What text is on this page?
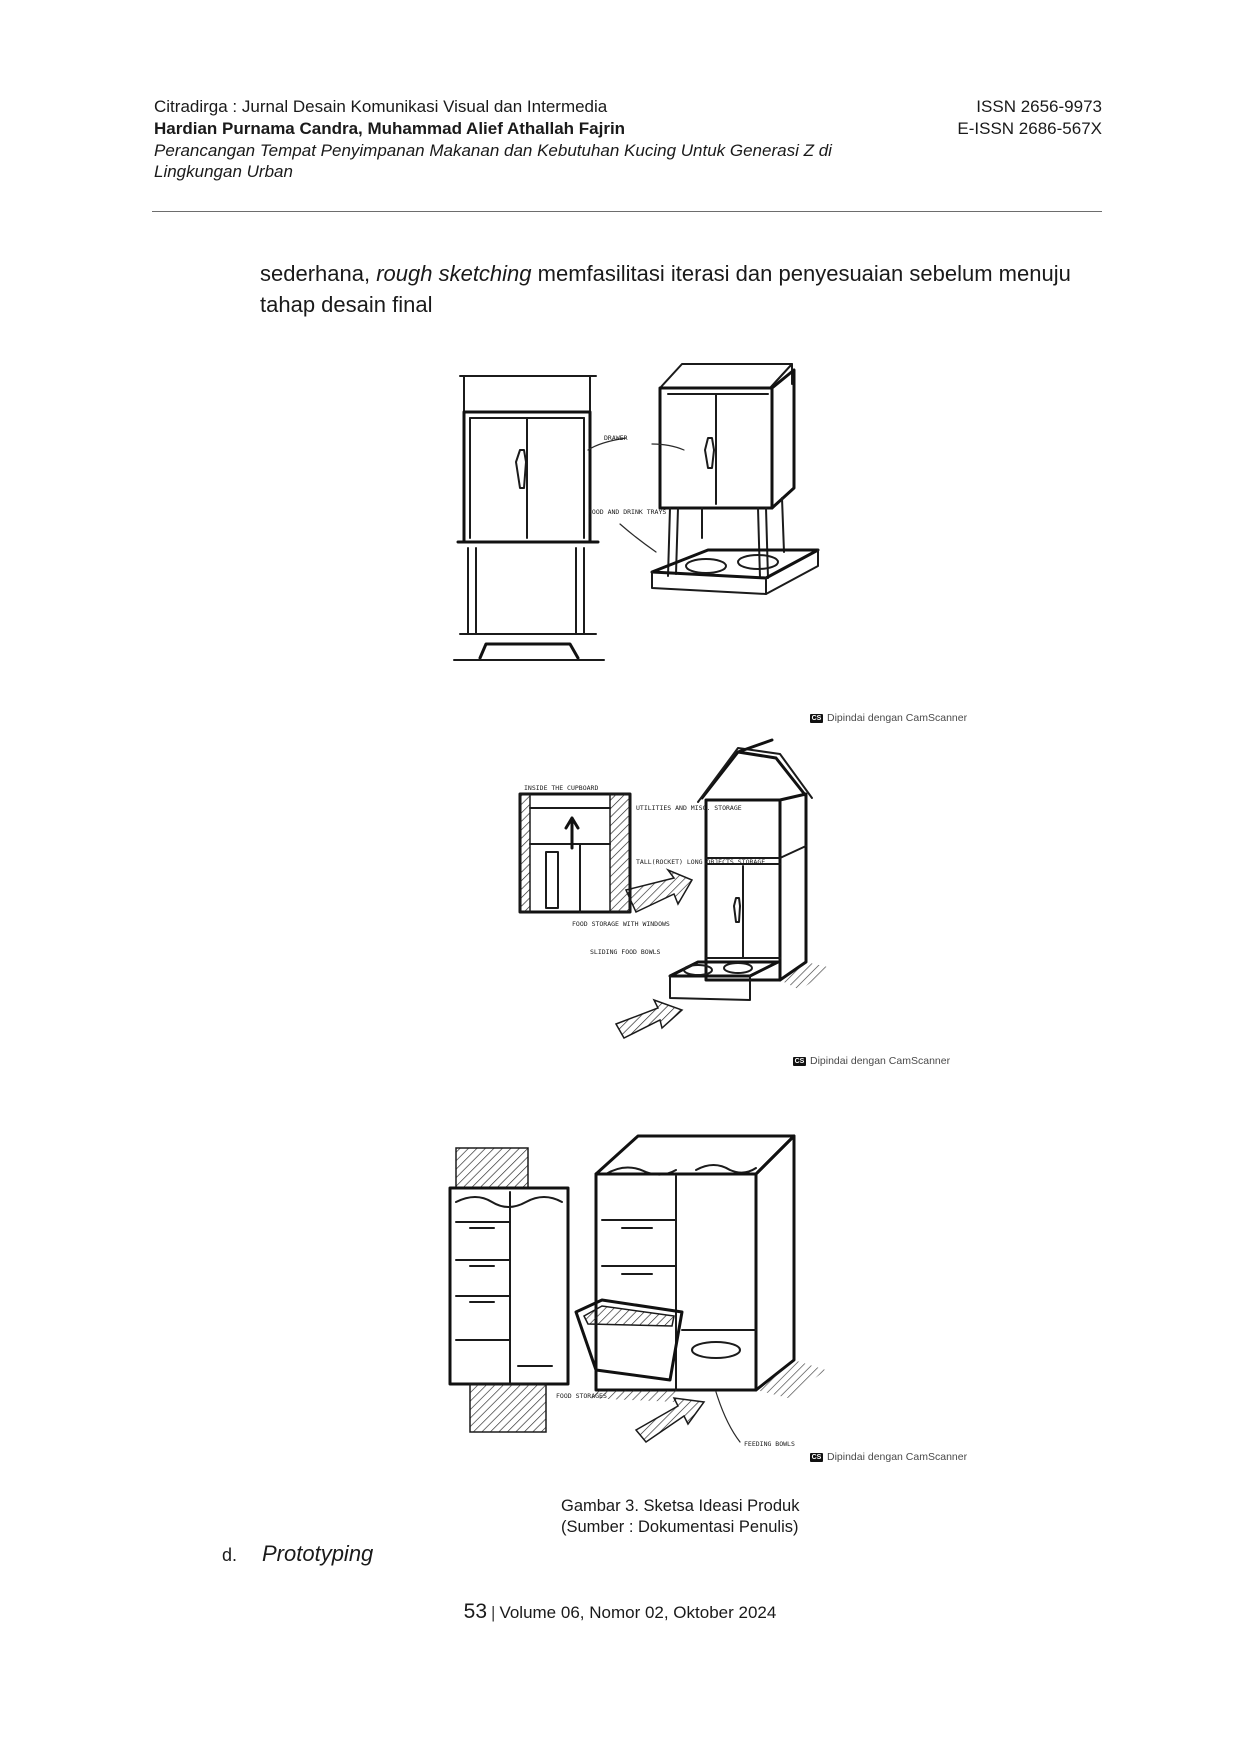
Citradirga : Jurnal Desain Komunikasi Visual dan Intermedia
Hardian Purnama Candra, Muhammad Alief Athallah Fajrin
Perancangan Tempat Penyimpanan Makanan dan Kebutuhan Kucing Untuk Generasi Z di Lingkungan Urban
ISSN 2656-9973
E-ISSN 2686-567X
sederhana, rough sketching memfasilitasi iterasi dan penyesuaian sebelum menuju tahap desain final
DRAWER
FOOD AND DRINK TRAYS
CS Dipindai dengan CamScanner
INSIDE THE CUPBOARD
UTILITIES AND MISC. STORAGE
TALL(ROCKET) LONG OBJECTS STORAGE
FOOD STORAGE WITH WINDOWS
SLIDING FOOD BOWLS
CS Dipindai dengan CamScanner
FOOD STORAGES
FEEDING BOWLS
CS Dipindai dengan CamScanner
Gambar 3. Sketsa Ideasi Produk
(Sumber : Dokumentasi Penulis)
d. Prototyping
53 | Volume 06, Nomor 02, Oktober 2024
